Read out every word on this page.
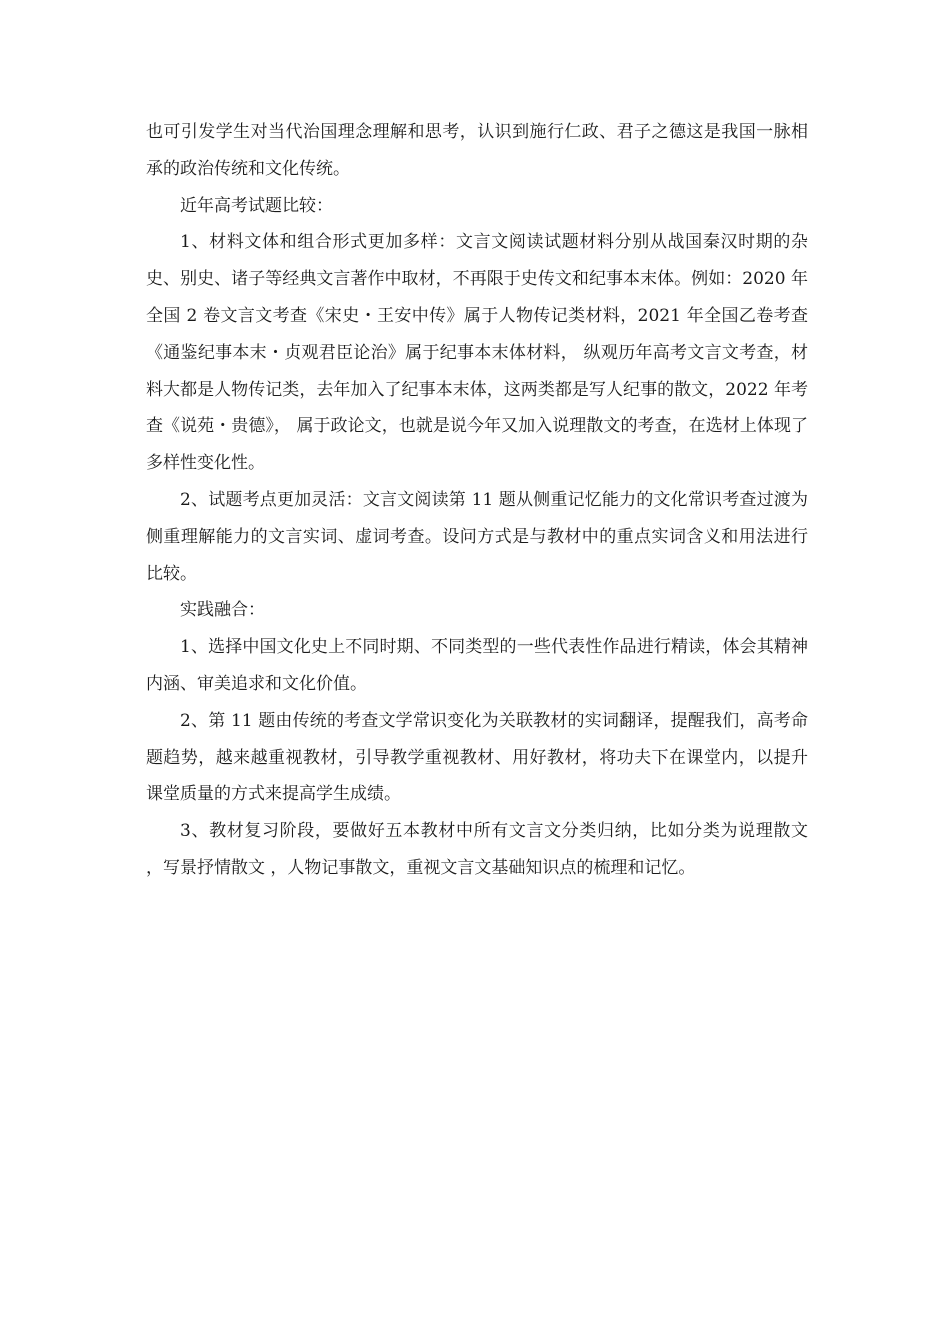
也可引发学生对当代治国理念理解和思考，认识到施行仁政、君子之德这是我国一脉相承的政治传统和文化传统。

近年高考试题比较：

1、材料文体和组合形式更加多样：文言文阅读试题材料分别从战国秦汉时期的杂史、别史、诸子等经典文言著作中取材，不再限于史传文和纪事本末体。例如：2020 年全国 2 卷文言文考查《宋史・王安中传》属于人物传记类材料，2021 年全国乙卷考查《通鉴纪事本末・贞观君臣论治》属于纪事本末体材料， 纵观历年高考文言文考查，材料大都是人物传记类，去年加入了纪事本末体，这两类都是写人纪事的散文，2022 年考查《说苑・贵德》， 属于政论文，也就是说今年又加入说理散文的考查，在选材上体现了多样性变化性。

2、试题考点更加灵活：文言文阅读第 11 题从侧重记忆能力的文化常识考查过渡为侧重理解能力的文言实词、虚词考查。设问方式是与教材中的重点实词含义和用法进行比较。

实践融合：

1、选择中国文化史上不同时期、不同类型的一些代表性作品进行精读，体会其精神内涵、审美追求和文化价值。

2、第 11 题由传统的考查文学常识变化为关联教材的实词翻译，提醒我们，高考命题趋势，越来越重视教材，引导教学重视教材、用好教材，将功夫下在课堂内，以提升课堂质量的方式来提高学生成绩。

3、教材复习阶段，要做好五本教材中所有文言文分类归纳，比如分类为说理散文 ，写景抒情散文 ，人物记事散文，重视文言文基础知识点的梳理和记忆。
